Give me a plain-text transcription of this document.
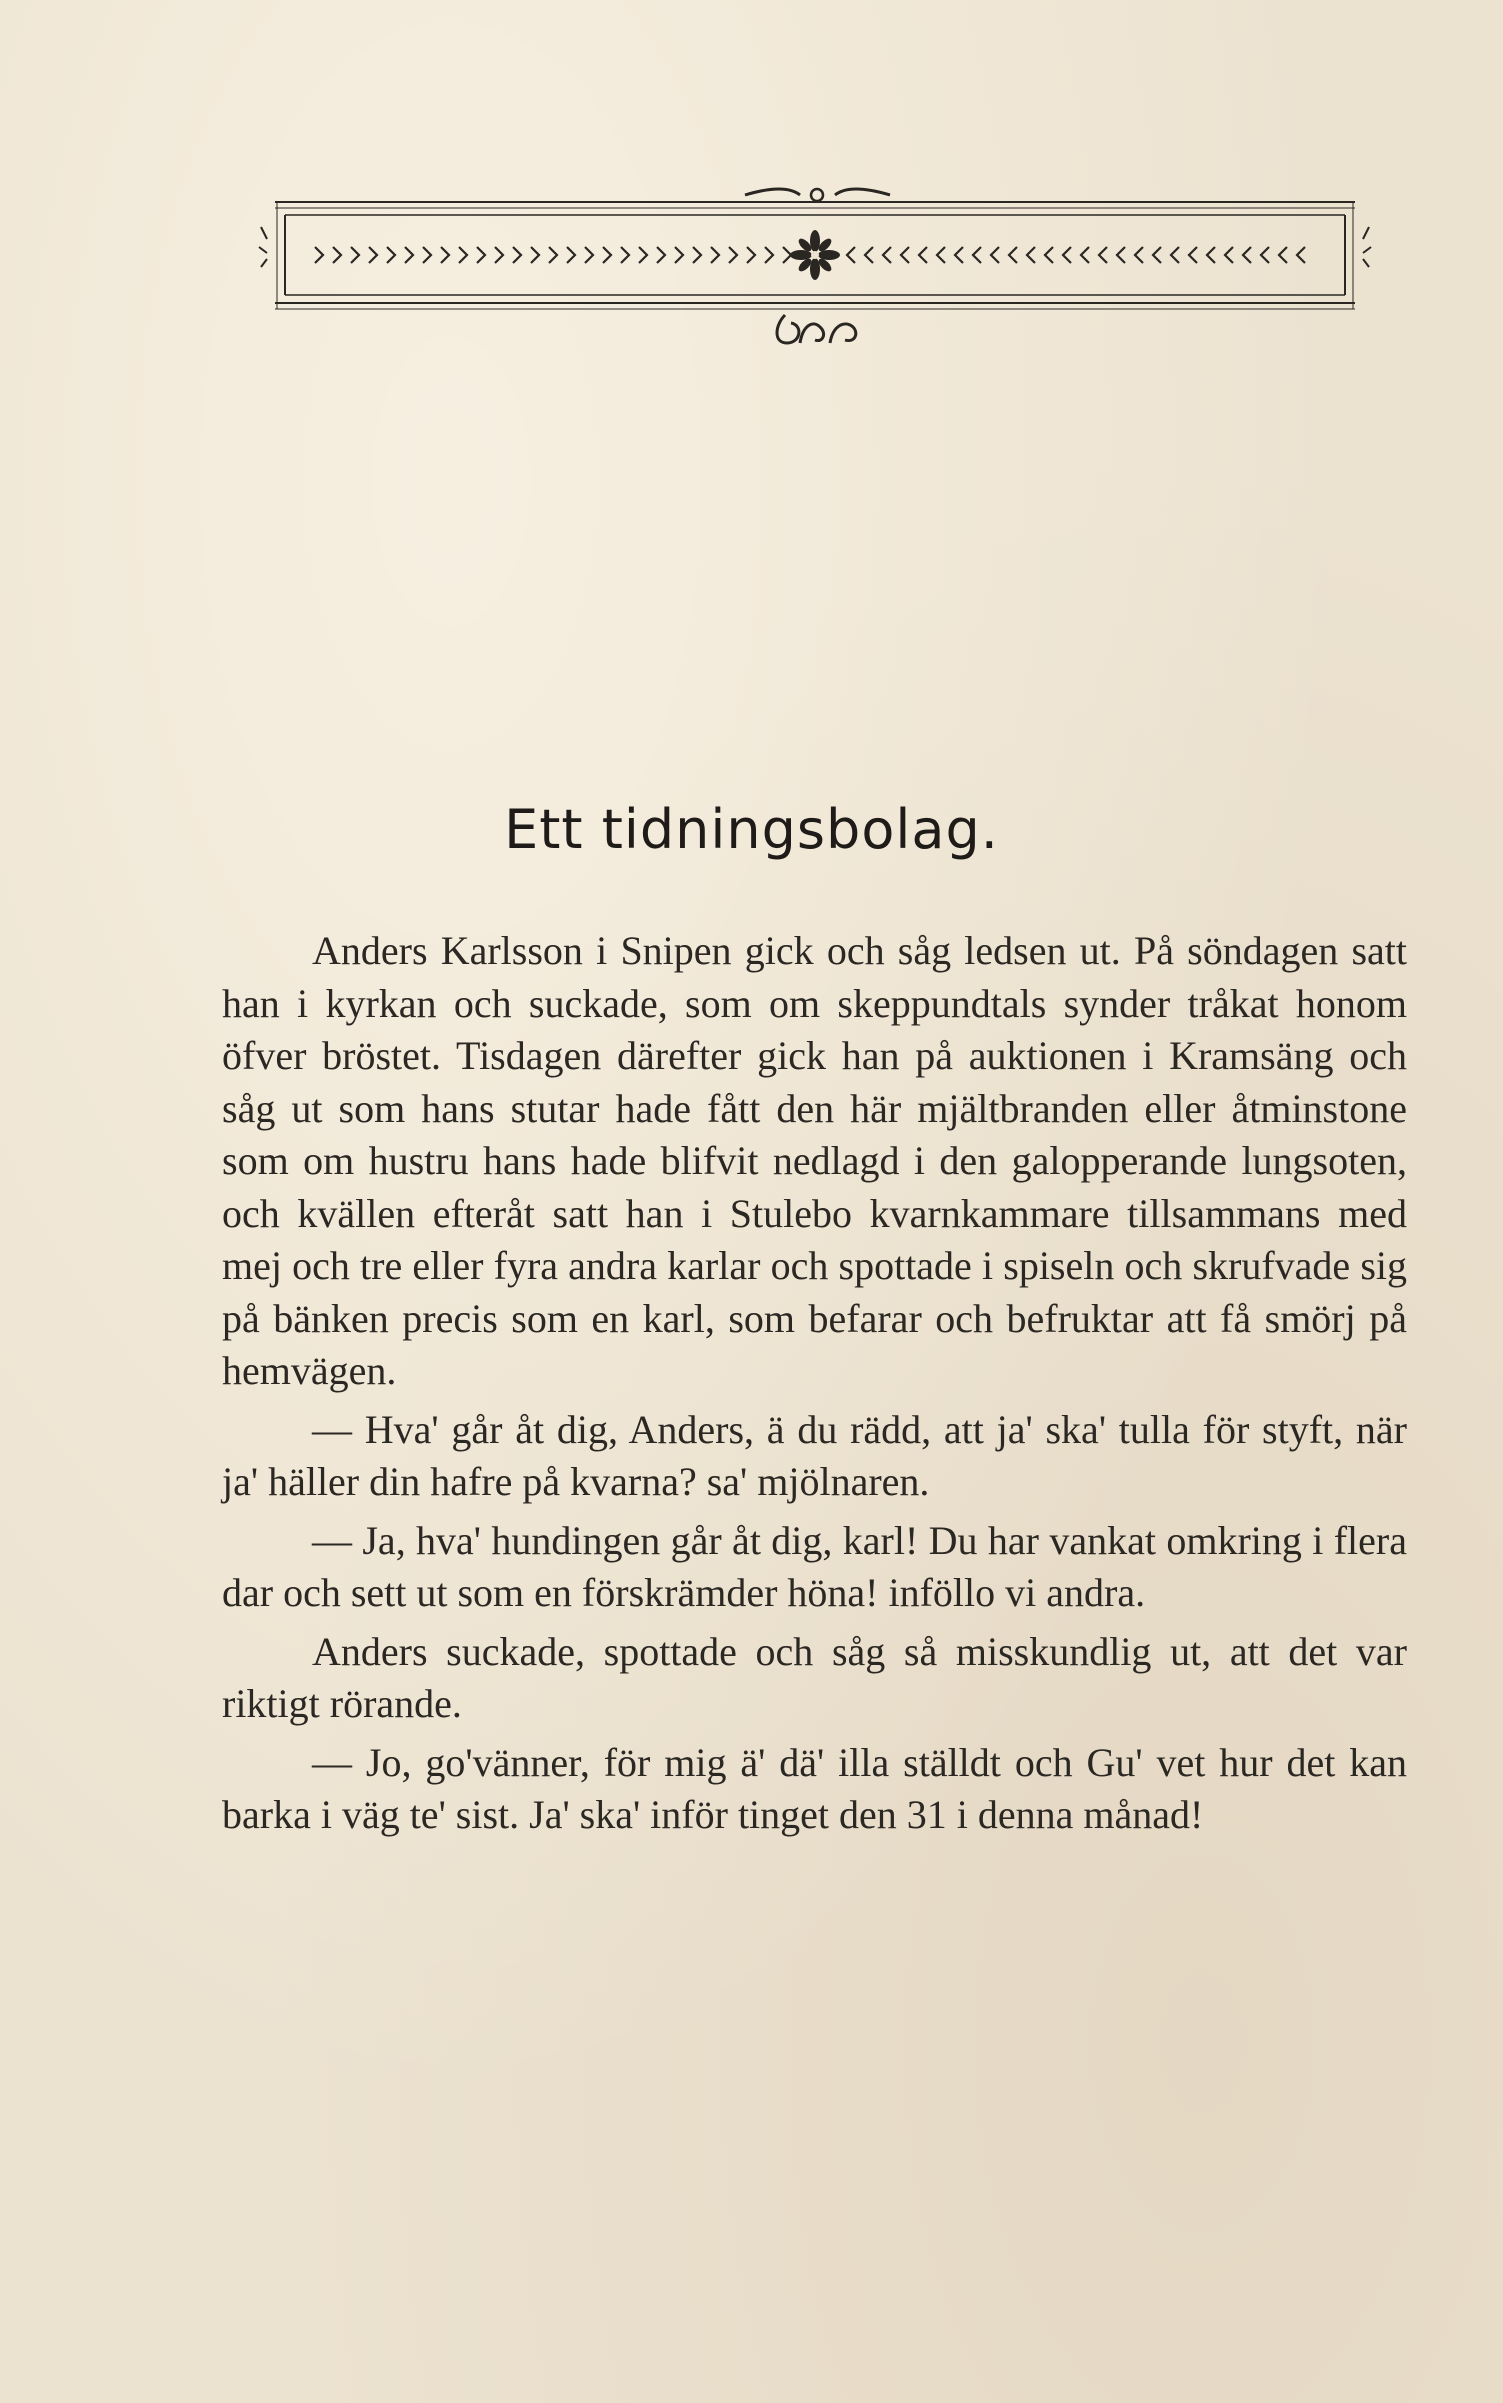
Ett tidningsbolag.

Anders Karlsson i Snipen gick och såg ledsen ut. På söndagen satt han i kyrkan och suckade, som om skeppundtals synder tråkat honom öfver bröstet. Tisdagen därefter gick han på auktionen i Kramsäng och såg ut som hans stutar hade fått den här mjältbranden eller åtminstone som om hustru hans hade blifvit nedlagd i den galopperande lungsoten, och kvällen efteråt satt han i Stulebo kvarnkammare tillsammans med mej och tre eller fyra andra karlar och spottade i spiseln och skrufvade sig på bänken precis som en karl, som befarar och befruktar att få smörj på hemvägen.

— Hva' går åt dig, Anders, ä du rädd, att ja' ska' tulla för styft, när ja' häller din hafre på kvarna? sa' mjölnaren.

— Ja, hva' hundingen går åt dig, karl! Du har vankat omkring i flera dar och sett ut som en förskrämder höna! inföllo vi andra.

Anders suckade, spottade och såg så misskundlig ut, att det var riktigt rörande.

— Jo, go'vänner, för mig ä' dä' illa ställdt och Gu' vet hur det kan barka i väg te' sist. Ja' ska' inför tinget den 31 i denna månad!
